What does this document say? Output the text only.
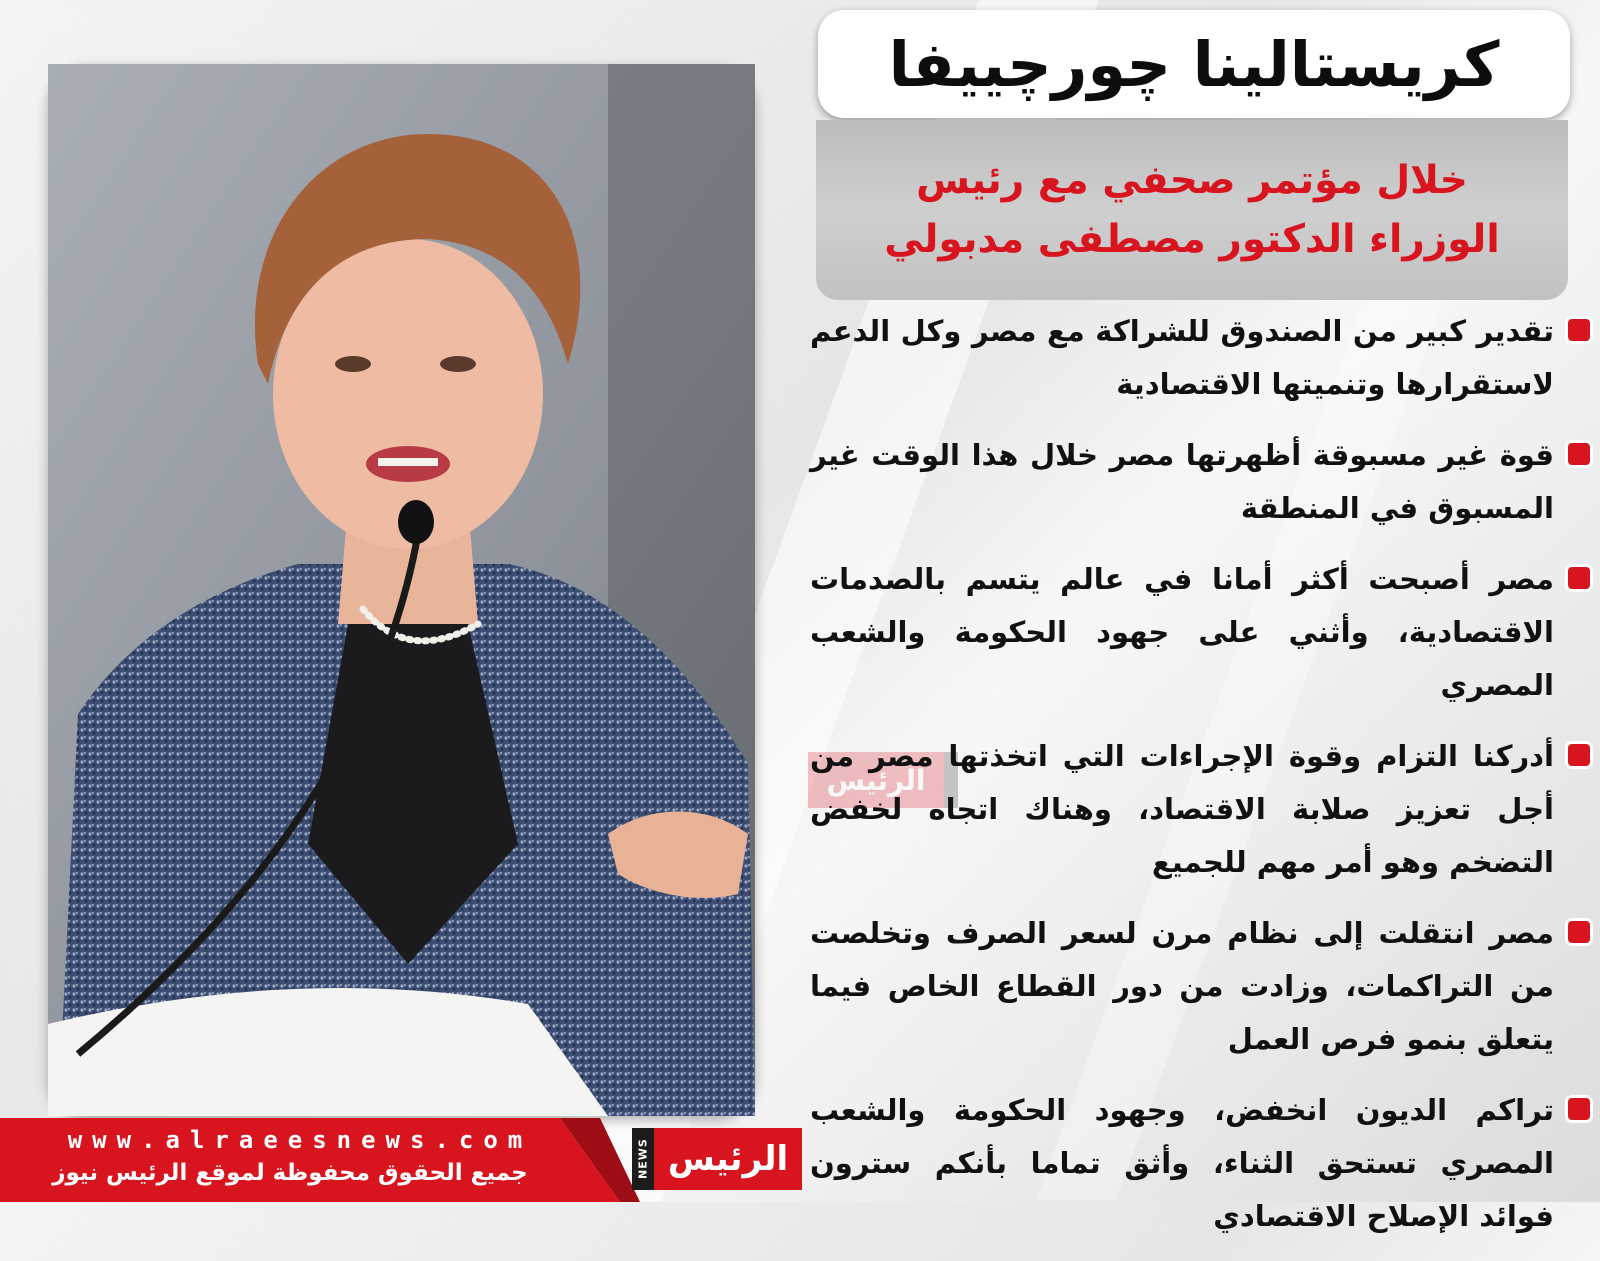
كريستالينا چورچييفا
خلال مؤتمر صحفي مع رئيس
الوزراء الدكتور مصطفى مدبولي
الرئيس
تقدير كبير من الصندوق للشراكة مع مصر وكل الدعم لاستقرارها وتنميتها الاقتصادية
قوة غير مسبوقة أظهرتها مصر خلال هذا الوقت غير المسبوق في المنطقة
مصر أصبحت أكثر أمانا في عالم يتسم بالصدمات الاقتصادية، وأثني على جهود الحكومة والشعب المصري
أدركنا التزام وقوة الإجراءات التي اتخذتها مصر من أجل تعزيز صلابة الاقتصاد، وهناك اتجاه لخفض التضخم وهو أمر مهم للجميع
مصر انتقلت إلى نظام مرن لسعر الصرف وتخلصت من التراكمات، وزادت من دور القطاع الخاص فيما يتعلق بنمو فرص العمل
تراكم الديون انخفض، وجهود الحكومة والشعب المصري تستحق الثناء، وأثق تماما بأنكم سترون فوائد الإصلاح الاقتصادي
www.alraeesnews.com
جميع الحقوق محفوظة لموقع الرئيس نيوز	NEWS الرئيس
